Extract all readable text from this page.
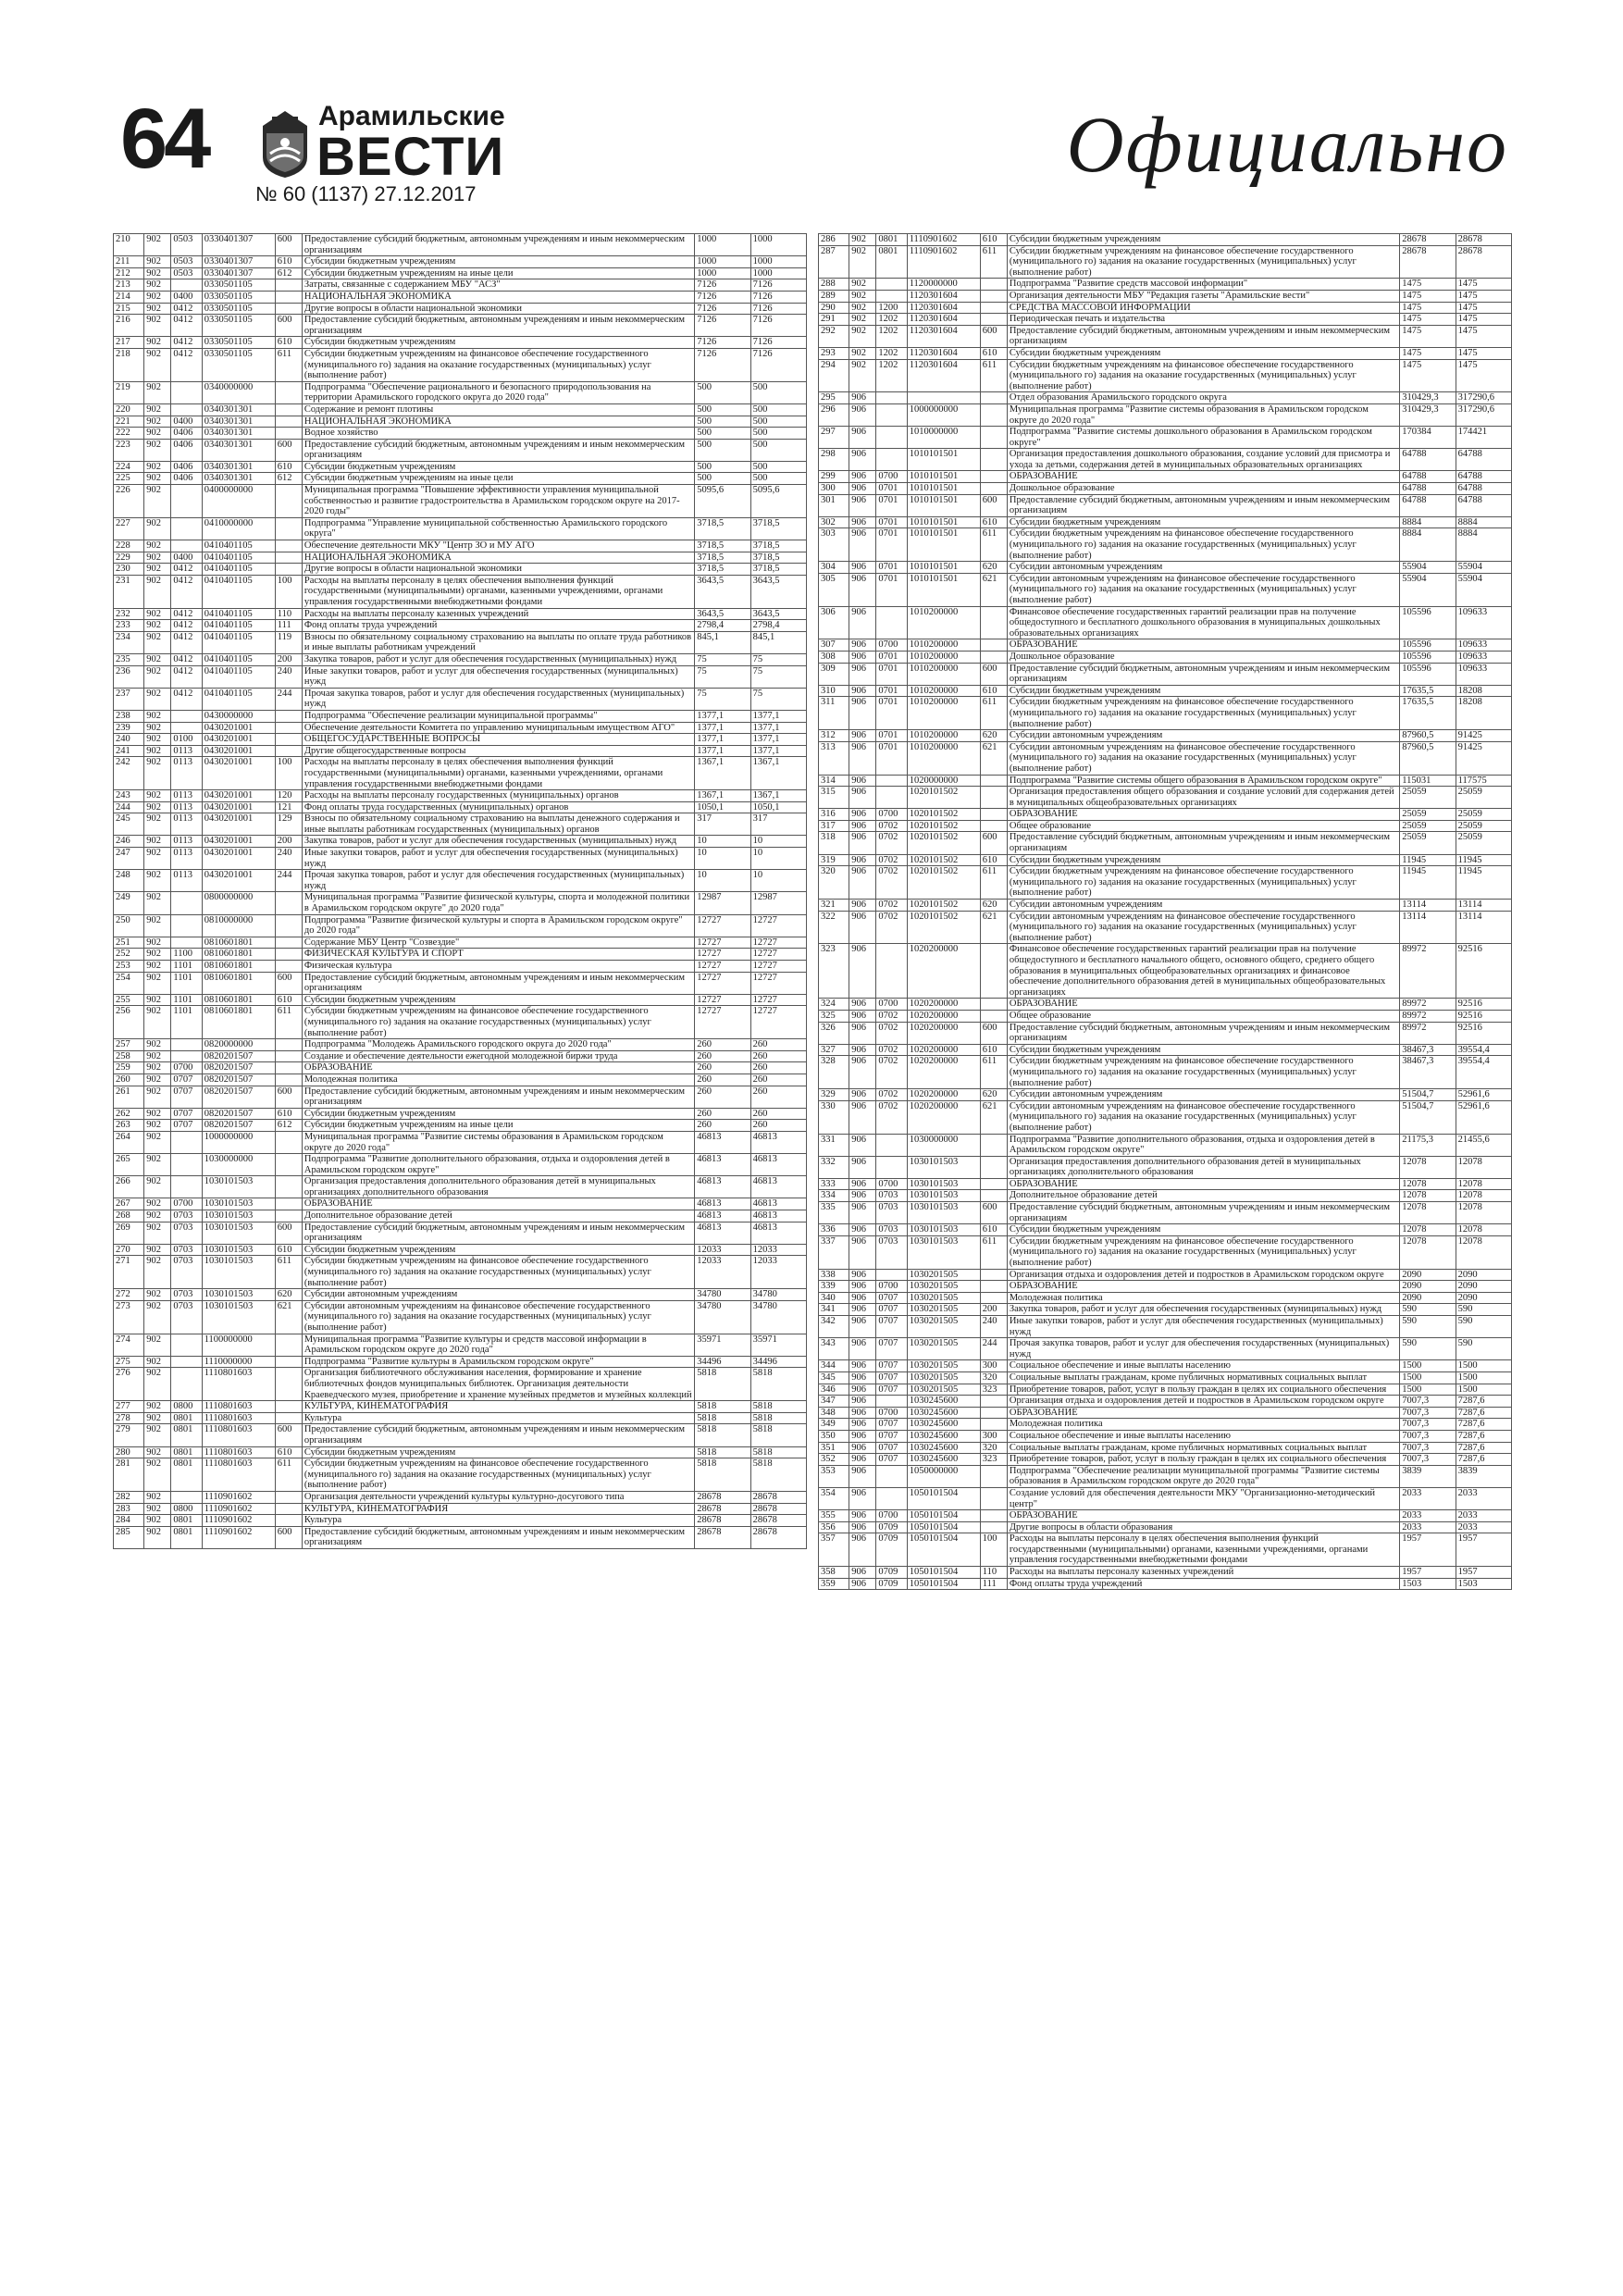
64	Арамильские
ВЕСТИ
№ 60 (1137) 27.12.2017
Официально
210	902	0503	0330401307	600	Предоставление субсидий бюджетным, автономным учреждениям и иным некоммерческим организациям	1000	1000
211	902	0503	0330401307	610	Субсидии бюджетным учреждениям	1000	1000
212	902	0503	0330401307	612	Субсидии бюджетным учреждениям на иные цели	1000	1000
213	902		0330501105		Затраты, связанные с содержанием МБУ "АСЗ"	7126	7126
214	902	0400	0330501105		НАЦИОНАЛЬНАЯ ЭКОНОМИКА	7126	7126
215	902	0412	0330501105		Другие вопросы в области национальной экономики	7126	7126
216	902	0412	0330501105	600	Предоставление субсидий бюджетным, автономным учреждениям и иным некоммерческим организациям	7126	7126
217	902	0412	0330501105	610	Субсидии бюджетным учреждениям	7126	7126
218	902	0412	0330501105	611	Субсидии бюджетным учреждениям на финансовое обеспечение государственного (муниципального го) задания на оказание государственных (муниципальных) услуг (выполнение работ)	7126	7126
219	902		0340000000		Подпрограмма "Обеспечение рационального и безопасного природопользования на территории Арамильского городского округа до 2020 года"	500	500
220	902		0340301301		Содержание и ремонт плотины	500	500
221	902	0400	0340301301		НАЦИОНАЛЬНАЯ ЭКОНОМИКА	500	500
222	902	0406	0340301301		Водное хозяйство	500	500
223	902	0406	0340301301	600	Предоставление субсидий бюджетным, автономным учреждениям и иным некоммерческим организациям	500	500
224	902	0406	0340301301	610	Субсидии бюджетным учреждениям	500	500
225	902	0406	0340301301	612	Субсидии бюджетным учреждениям на иные цели	500	500
226	902		0400000000		Муниципальная программа "Повышение эффективности управления муниципальной собственностью и развитие градостроительства в Арамильском городском округе на 2017-2020 годы"	5095,6	5095,6
227	902		0410000000		Подпрограмма "Управление муниципальной собственностью Арамильского городского округа"	3718,5	3718,5
228	902		0410401105		Обеспечение деятельности МКУ "Центр ЗО и МУ АГО	3718,5	3718,5
229	902	0400	0410401105		НАЦИОНАЛЬНАЯ ЭКОНОМИКА	3718,5	3718,5
230	902	0412	0410401105		Другие вопросы в области национальной экономики	3718,5	3718,5
231	902	0412	0410401105	100	Расходы на выплаты персоналу в целях обеспечения выполнения функций государственными (муниципальными) органами, казенными учреждениями, органами управления государственными внебюджетными фондами	3643,5	3643,5
232	902	0412	0410401105	110	Расходы на выплаты персоналу казенных учреждений	3643,5	3643,5
233	902	0412	0410401105	111	Фонд оплаты труда учреждений	2798,4	2798,4
234	902	0412	0410401105	119	Взносы по обязательному социальному страхованию на выплаты по оплате труда работников и иные выплаты работникам учреждений	845,1	845,1
235	902	0412	0410401105	200	Закупка товаров, работ и услуг для обеспечения государственных (муниципальных) нужд	75	75
236	902	0412	0410401105	240	Иные закупки товаров, работ и услуг для обеспечения государственных (муниципальных) нужд	75	75
237	902	0412	0410401105	244	Прочая закупка товаров, работ и услуг для обеспечения государственных (муниципальных) нужд	75	75
238	902		0430000000		Подпрограмма "Обеспечение реализации муниципальной программы"	1377,1	1377,1
239	902		0430201001		Обеспечение деятельности Комитета по управлению муниципальным имуществом АГО"	1377,1	1377,1
240	902	0100	0430201001		ОБЩЕГОСУДАРСТВЕННЫЕ ВОПРОСЫ	1377,1	1377,1
241	902	0113	0430201001		Другие общегосударственные вопросы	1377,1	1377,1
242	902	0113	0430201001	100	Расходы на выплаты персоналу в целях обеспечения выполнения функций государственными (муниципальными) органами, казенными учреждениями, органами управления государственными внебюджетными фондами	1367,1	1367,1
243	902	0113	0430201001	120	Расходы на выплаты персоналу государственных (муниципальных) органов	1367,1	1367,1
244	902	0113	0430201001	121	Фонд оплаты труда государственных (муниципальных) органов	1050,1	1050,1
245	902	0113	0430201001	129	Взносы по обязательному социальному страхованию на выплаты денежного содержания и иные выплаты работникам государственных (муниципальных) органов	317	317
246	902	0113	0430201001	200	Закупка товаров, работ и услуг для обеспечения государственных (муниципальных) нужд	10	10
247	902	0113	0430201001	240	Иные закупки товаров, работ и услуг для обеспечения государственных (муниципальных) нужд	10	10
248	902	0113	0430201001	244	Прочая закупка товаров, работ и услуг для обеспечения государственных (муниципальных) нужд	10	10
249	902		0800000000		Муниципальная программа "Развитие физической культуры, спорта и молодежной политики в Арамильском городском округе" до 2020 года"	12987	12987
250	902		0810000000		Подпрограмма "Развитие физической культуры и спорта в Арамильском городском округе" до 2020 года"	12727	12727
251	902		0810601801		Содержание МБУ Центр "Созвездие"	12727	12727
252	902	1100	0810601801		ФИЗИЧЕСКАЯ КУЛЬТУРА И СПОРТ	12727	12727
253	902	1101	0810601801		Физическая культура	12727	12727
254	902	1101	0810601801	600	Предоставление субсидий бюджетным, автономным учреждениям и иным некоммерческим организациям	12727	12727
255	902	1101	0810601801	610	Субсидии бюджетным учреждениям	12727	12727
256	902	1101	0810601801	611	Субсидии бюджетным учреждениям на финансовое обеспечение государственного (муниципального го) задания на оказание государственных (муниципальных) услуг (выполнение работ)	12727	12727
257	902		0820000000		Подпрограмма "Молодежь Арамильского городского округа до 2020 года"	260	260
258	902		0820201507		Создание и обеспечение деятельности ежегодной молодежной биржи труда	260	260
259	902	0700	0820201507		ОБРАЗОВАНИЕ	260	260
260	902	0707	0820201507		Молодежная политика	260	260
261	902	0707	0820201507	600	Предоставление субсидий бюджетным, автономным учреждениям и иным некоммерческим организациям	260	260
262	902	0707	0820201507	610	Субсидии бюджетным учреждениям	260	260
263	902	0707	0820201507	612	Субсидии бюджетным учреждениям на иные цели	260	260
264	902		1000000000		Муниципальная программа "Развитие системы образования в Арамильском городском округе до 2020 года"	46813	46813
265	902		1030000000		Подпрограмма "Развитие дополнительного образования, отдыха и оздоровления детей в Арамильском городском округе"	46813	46813
266	902		1030101503		Организация предоставления дополнительного образования детей в муниципальных организациях дополнительного образования	46813	46813
267	902	0700	1030101503		ОБРАЗОВАНИЕ	46813	46813
268	902	0703	1030101503		Дополнительное образование детей	46813	46813
269	902	0703	1030101503	600	Предоставление субсидий бюджетным, автономным учреждениям и иным некоммерческим организациям	46813	46813
270	902	0703	1030101503	610	Субсидии бюджетным учреждениям	12033	12033
271	902	0703	1030101503	611	Субсидии бюджетным учреждениям на финансовое обеспечение государственного (муниципального го) задания на оказание государственных (муниципальных) услуг (выполнение работ)	12033	12033
272	902	0703	1030101503	620	Субсидии автономным учреждениям	34780	34780
273	902	0703	1030101503	621	Субсидии автономным учреждениям на финансовое обеспечение государственного (муниципального го) задания на оказание государственных (муниципальных) услуг (выполнение работ)	34780	34780
274	902		1100000000		Муниципальная программа "Развитие культуры и средств массовой информации в Арамильском городском округе до 2020 года"	35971	35971
275	902		1110000000		Подпрограмма "Развитие культуры в Арамильском городском округе"	34496	34496
276	902		1110801603		Организация библиотечного обслуживания населения, формирование и хранение библиотечных фондов муниципальных библиотек. Организация деятельности Краеведческого музея, приобретение и хранение музейных предметов и музейных коллекций	5818	5818
277	902	0800	1110801603		КУЛЬТУРА, КИНЕМАТОГРАФИЯ	5818	5818
278	902	0801	1110801603		Культура	5818	5818
279	902	0801	1110801603	600	Предоставление субсидий бюджетным, автономным учреждениям и иным некоммерческим организациям	5818	5818
280	902	0801	1110801603	610	Субсидии бюджетным учреждениям	5818	5818
281	902	0801	1110801603	611	Субсидии бюджетным учреждениям на финансовое обеспечение государственного (муниципального го) задания на оказание государственных (муниципальных) услуг (выполнение работ)	5818	5818
282	902		1110901602		Организация деятельности учреждений культуры культурно-досугового типа	28678	28678
283	902	0800	1110901602		КУЛЬТУРА, КИНЕМАТОГРАФИЯ	28678	28678
284	902	0801	1110901602		Культура	28678	28678
285	902	0801	1110901602	600	Предоставление субсидий бюджетным, автономным учреждениям и иным некоммерческим организациям	28678	28678
286	902	0801	1110901602	610	Субсидии бюджетным учреждениям	28678	28678
287	902	0801	1110901602	611	Субсидии бюджетным учреждениям на финансовое обеспечение государственного (муниципального го) задания на оказание государственных (муниципальных) услуг (выполнение работ)	28678	28678
288	902		1120000000		Подпрограмма "Развитие средств массовой информации"	1475	1475
289	902		1120301604		Организация деятельности МБУ "Редакция газеты "Арамильские вести"	1475	1475
290	902	1200	1120301604		СРЕДСТВА МАССОВОЙ ИНФОРМАЦИИ	1475	1475
291	902	1202	1120301604		Периодическая печать и издательства	1475	1475
292	902	1202	1120301604	600	Предоставление субсидий бюджетным, автономным учреждениям и иным некоммерческим организациям	1475	1475
293	902	1202	1120301604	610	Субсидии бюджетным учреждениям	1475	1475
294	902	1202	1120301604	611	Субсидии бюджетным учреждениям на финансовое обеспечение государственного (муниципального го) задания на оказание государственных (муниципальных) услуг (выполнение работ)	1475	1475
295	906				Отдел образования Арамильского городского округа	310429,3	317290,6
296	906		1000000000		Муниципальная программа "Развитие системы образования в Арамильском городском округе до 2020 года"	310429,3	317290,6
297	906		1010000000		Подпрограмма "Развитие системы дошкольного образования в Арамильском городском округе"	170384	174421
298	906		1010101501		Организация предоставления дошкольного образования, создание условий для присмотра и ухода за детьми, содержания детей в муниципальных образовательных организациях	64788	64788
299	906	0700	1010101501		ОБРАЗОВАНИЕ	64788	64788
300	906	0701	1010101501		Дошкольное образование	64788	64788
301	906	0701	1010101501	600	Предоставление субсидий бюджетным, автономным учреждениям и иным некоммерческим организациям	64788	64788
302	906	0701	1010101501	610	Субсидии бюджетным учреждениям	8884	8884
303	906	0701	1010101501	611	Субсидии бюджетным учреждениям на финансовое обеспечение государственного (муниципального го) задания на оказание государственных (муниципальных) услуг (выполнение работ)	8884	8884
304	906	0701	1010101501	620	Субсидии автономным учреждениям	55904	55904
305	906	0701	1010101501	621	Субсидии автономным учреждениям на финансовое обеспечение государственного (муниципального го) задания на оказание государственных (муниципальных) услуг (выполнение работ)	55904	55904
306	906		1010200000		Финансовое обеспечение государственных гарантий реализации прав на получение общедоступного и бесплатного дошкольного образования в муниципальных дошкольных образовательных организациях	105596	109633
307	906	0700	1010200000		ОБРАЗОВАНИЕ	105596	109633
308	906	0701	1010200000		Дошкольное образование	105596	109633
309	906	0701	1010200000	600	Предоставление субсидий бюджетным, автономным учреждениям и иным некоммерческим организациям	105596	109633
310	906	0701	1010200000	610	Субсидии бюджетным учреждениям	17635,5	18208
311	906	0701	1010200000	611	Субсидии бюджетным учреждениям на финансовое обеспечение государственного (муниципального го) задания на оказание государственных (муниципальных) услуг (выполнение работ)	17635,5	18208
312	906	0701	1010200000	620	Субсидии автономным учреждениям	87960,5	91425
313	906	0701	1010200000	621	Субсидии автономным учреждениям на финансовое обеспечение государственного (муниципального го) задания на оказание государственных (муниципальных) услуг (выполнение работ)	87960,5	91425
314	906		1020000000		Подпрограмма "Развитие системы общего образования в Арамильском городском округе"	115031	117575
315	906		1020101502		Организация предоставления общего образования и создание условий для содержания детей в муниципальных общеобразовательных организациях	25059	25059
316	906	0700	1020101502		ОБРАЗОВАНИЕ	25059	25059
317	906	0702	1020101502		Общее образование	25059	25059
318	906	0702	1020101502	600	Предоставление субсидий бюджетным, автономным учреждениям и иным некоммерческим организациям	25059	25059
319	906	0702	1020101502	610	Субсидии бюджетным учреждениям	11945	11945
320	906	0702	1020101502	611	Субсидии бюджетным учреждениям на финансовое обеспечение государственного (муниципального го) задания на оказание государственных (муниципальных) услуг (выполнение работ)	11945	11945
321	906	0702	1020101502	620	Субсидии автономным учреждениям	13114	13114
322	906	0702	1020101502	621	Субсидии автономным учреждениям на финансовое обеспечение государственного (муниципального го) задания на оказание государственных (муниципальных) услуг (выполнение работ)	13114	13114
323	906		1020200000		Финансовое обеспечение государственных гарантий реализации прав на получение общедоступного и бесплатного начального общего, основного общего, среднего общего образования в муниципальных общеобразовательных организациях и финансовое обеспечение дополнительного образования детей в муниципальных общеобразовательных организациях	89972	92516
324	906	0700	1020200000		ОБРАЗОВАНИЕ	89972	92516
325	906	0702	1020200000		Общее образование	89972	92516
326	906	0702	1020200000	600	Предоставление субсидий бюджетным, автономным учреждениям и иным некоммерческим организациям	89972	92516
327	906	0702	1020200000	610	Субсидии бюджетным учреждениям	38467,3	39554,4
328	906	0702	1020200000	611	Субсидии бюджетным учреждениям на финансовое обеспечение государственного (муниципального го) задания на оказание государственных (муниципальных) услуг (выполнение работ)	38467,3	39554,4
329	906	0702	1020200000	620	Субсидии автономным учреждениям	51504,7	52961,6
330	906	0702	1020200000	621	Субсидии автономным учреждениям на финансовое обеспечение государственного (муниципального го) задания на оказание государственных (муниципальных) услуг (выполнение работ)	51504,7	52961,6
331	906		1030000000		Подпрограмма "Развитие дополнительного образования, отдыха и оздоровления детей в Арамильском городском округе"	21175,3	21455,6
332	906		1030101503		Организация предоставления дополнительного образования детей в муниципальных организациях дополнительного образования	12078	12078
333	906	0700	1030101503		ОБРАЗОВАНИЕ	12078	12078
334	906	0703	1030101503		Дополнительное образование детей	12078	12078
335	906	0703	1030101503	600	Предоставление субсидий бюджетным, автономным учреждениям и иным некоммерческим организациям	12078	12078
336	906	0703	1030101503	610	Субсидии бюджетным учреждениям	12078	12078
337	906	0703	1030101503	611	Субсидии бюджетным учреждениям на финансовое обеспечение государственного (муниципального го) задания на оказание государственных (муниципальных) услуг (выполнение работ)	12078	12078
338	906		1030201505		Организация отдыха и оздоровления детей и подростков в Арамильском городском округе	2090	2090
339	906	0700	1030201505		ОБРАЗОВАНИЕ	2090	2090
340	906	0707	1030201505		Молодежная политика	2090	2090
341	906	0707	1030201505	200	Закупка товаров, работ и услуг для обеспечения государственных (муниципальных) нужд	590	590
342	906	0707	1030201505	240	Иные закупки товаров, работ и услуг для обеспечения государственных (муниципальных) нужд	590	590
343	906	0707	1030201505	244	Прочая закупка товаров, работ и услуг для обеспечения государственных (муниципальных) нужд	590	590
344	906	0707	1030201505	300	Социальное обеспечение и иные выплаты населению	1500	1500
345	906	0707	1030201505	320	Социальные выплаты гражданам, кроме публичных нормативных социальных выплат	1500	1500
346	906	0707	1030201505	323	Приобретение товаров, работ, услуг в пользу граждан в целях их социального обеспечения	1500	1500
347	906		1030245600		Организация отдыха и оздоровления детей и подростков в Арамильском городском округе	7007,3	7287,6
348	906	0700	1030245600		ОБРАЗОВАНИЕ	7007,3	7287,6
349	906	0707	1030245600		Молодежная политика	7007,3	7287,6
350	906	0707	1030245600	300	Социальное обеспечение и иные выплаты населению	7007,3	7287,6
351	906	0707	1030245600	320	Социальные выплаты гражданам, кроме публичных нормативных социальных выплат	7007,3	7287,6
352	906	0707	1030245600	323	Приобретение товаров, работ, услуг в пользу граждан в целях их социального обеспечения	7007,3	7287,6
353	906		1050000000		Подпрограмма "Обеспечение реализации муниципальной программы "Развитие системы образования в Арамильском городском округе до 2020 года"	3839	3839
354	906		1050101504		Создание условий для обеспечения деятельности МКУ "Организационно-методический центр"	2033	2033
355	906	0700	1050101504		ОБРАЗОВАНИЕ	2033	2033
356	906	0709	1050101504		Другие вопросы в области образования	2033	2033
357	906	0709	1050101504	100	Расходы на выплаты персоналу в целях обеспечения выполнения функций государственными (муниципальными) органами, казенными учреждениями, органами управления государственными внебюджетными фондами	1957	1957
358	906	0709	1050101504	110	Расходы на выплаты персоналу казенных учреждений	1957	1957
359	906	0709	1050101504	111	Фонд оплаты труда учреждений	1503	1503
